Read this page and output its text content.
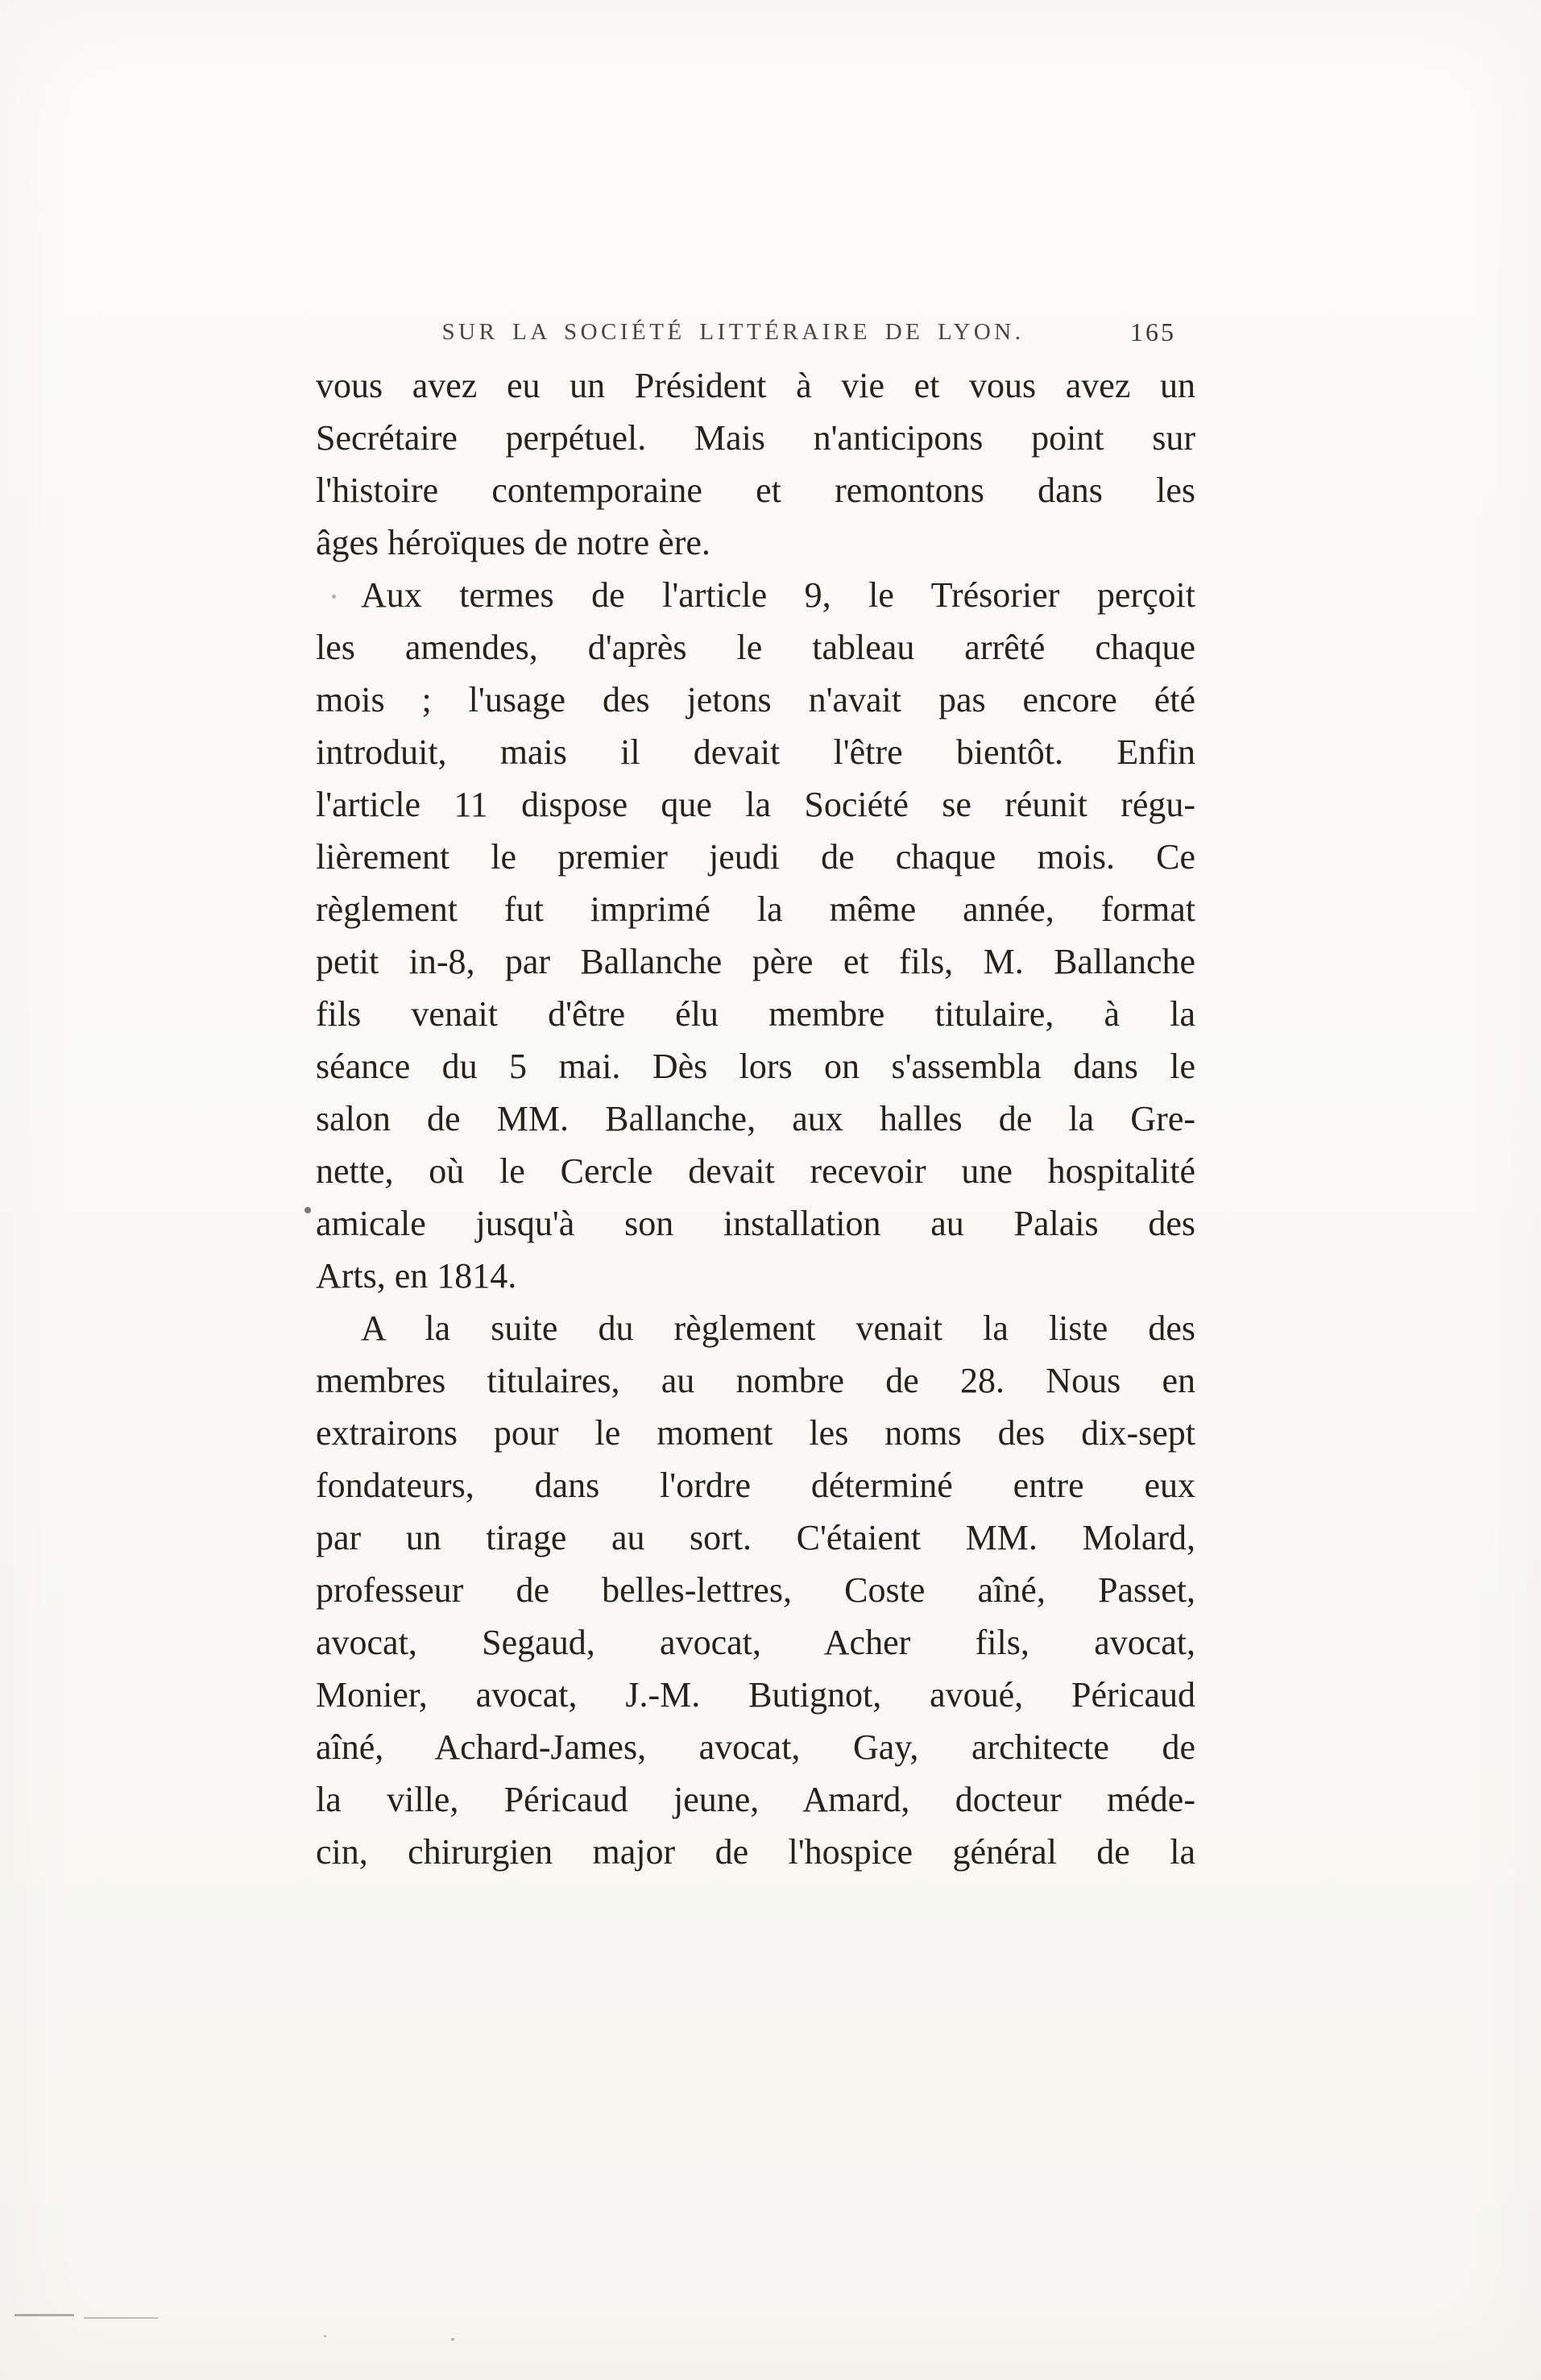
SUR LA SOCIÉTÉ LITTÉRAIRE DE LYON.	165
vous avez eu un Président à vie et vous avez un
Secrétaire perpétuel. Mais n'anticipons point sur
l'histoire contemporaine et remontons dans les
âges héroïques de notre ère.
Aux termes de l'article 9, le Trésorier perçoit
les amendes, d'après le tableau arrêté chaque
mois ; l'usage des jetons n'avait pas encore été
introduit, mais il devait l'être bientôt. Enfin
l'article 11 dispose que la Société se réunit régu-
lièrement le premier jeudi de chaque mois. Ce
règlement fut imprimé la même année, format
petit in-8, par Ballanche père et fils, M. Ballanche
fils venait d'être élu membre titulaire, à la
séance du 5 mai. Dès lors on s'assembla dans le
salon de MM. Ballanche, aux halles de la Gre-
nette, où le Cercle devait recevoir une hospitalité
amicale jusqu'à son installation au Palais des
Arts, en 1814.
A la suite du règlement venait la liste des
membres titulaires, au nombre de 28. Nous en
extrairons pour le moment les noms des dix-sept
fondateurs, dans l'ordre déterminé entre eux
par un tirage au sort. C'étaient MM. Molard,
professeur de belles-lettres, Coste aîné, Passet,
avocat, Segaud, avocat, Acher fils, avocat,
Monier, avocat, J.-M. Butignot, avoué, Péricaud
aîné, Achard-James, avocat, Gay, architecte de
la ville, Péricaud jeune, Amard, docteur méde-
cin, chirurgien major de l'hospice général de la
